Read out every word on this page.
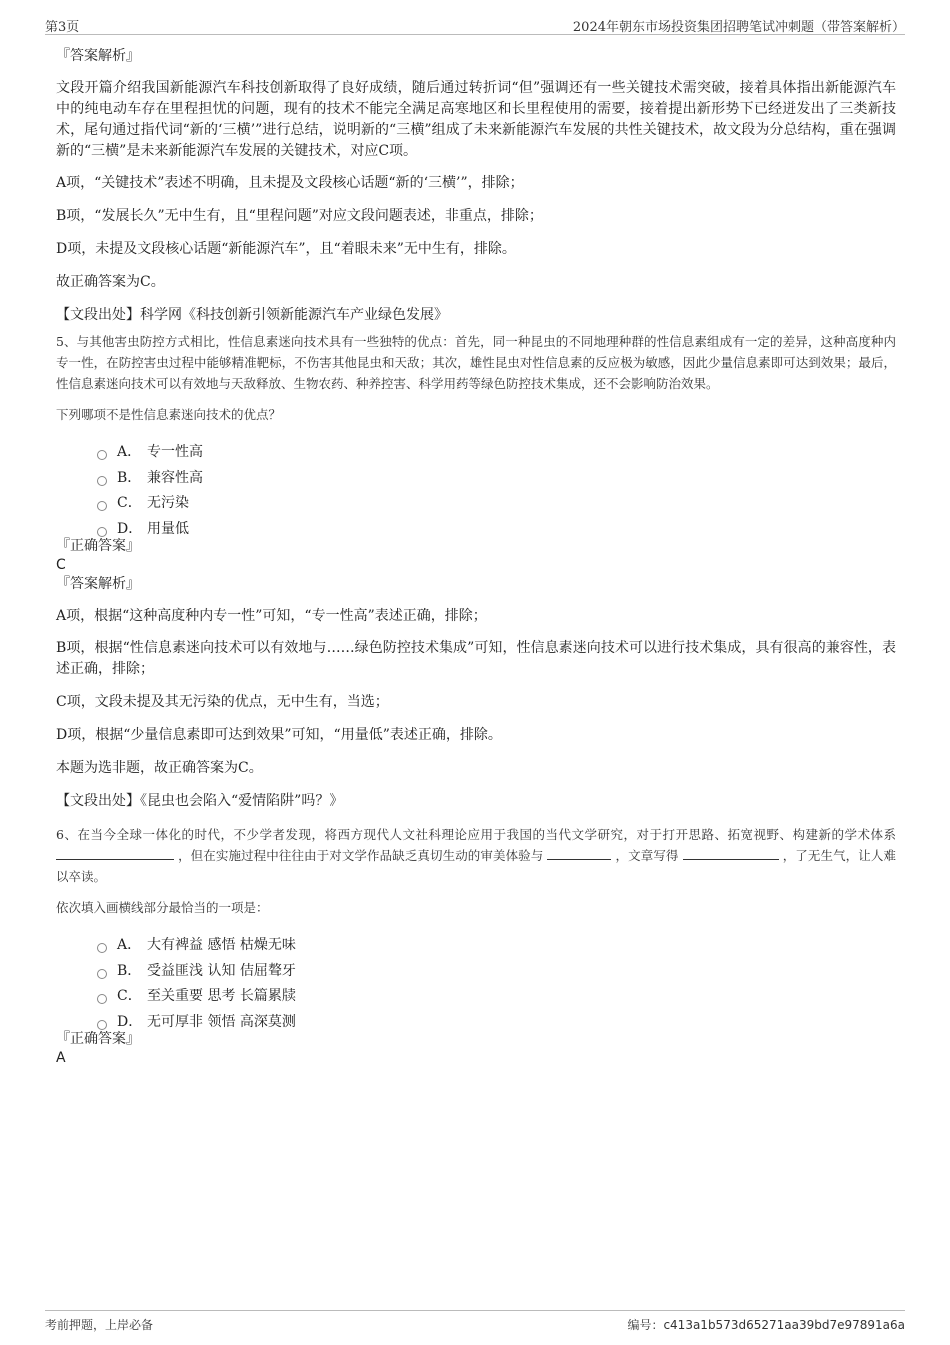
第3页	2024年朝东市场投资集团招聘笔试冲刺题（带答案解析）

『答案解析』

文段开篇介绍我国新能源汽车科技创新取得了良好成绩，随后通过转折词“但”强调还有一些关键技术需突破，接着具体指出新能源汽车中的纯电动车存在里程担忧的问题，现有的技术不能完全满足高寒地区和长里程使用的需要，接着提出新形势下已经迸发出了三类新技术，尾句通过指代词“新的‘三横’”进行总结，说明新的“三横”组成了未来新能源汽车发展的共性关键技术，故文段为分总结构，重在强调新的“三横”是未来新能源汽车发展的关键技术，对应C项。

A项，“关键技术”表述不明确，且未提及文段核心话题“新的‘三横’”，排除；

B项，“发展长久”无中生有，且“里程问题”对应文段问题表述，非重点，排除；

D项，未提及文段核心话题“新能源汽车”，且“着眼未来”无中生有，排除。

故正确答案为C。

【文段出处】科学网《科技创新引领新能源汽车产业绿色发展》

5、与其他害虫防控方式相比，性信息素迷向技术具有一些独特的优点：首先，同一种昆虫的不同地理种群的性信息素组成有一定的差异，这种高度种内专一性，在防控害虫过程中能够精准靶标，不伤害其他昆虫和天敌；其次，雄性昆虫对性信息素的反应极为敏感，因此少量信息素即可达到效果；最后，性信息素迷向技术可以有效地与天敌释放、生物农药、种养控害、科学用药等绿色防控技术集成，还不会影响防治效果。

下列哪项不是性信息素迷向技术的优点？

A． 专一性高
B． 兼容性高
C． 无污染
D． 用量低

『正确答案』

C

『答案解析』

A项，根据“这种高度种内专一性”可知，“专一性高”表述正确，排除；

B项，根据“性信息素迷向技术可以有效地与……绿色防控技术集成”可知，性信息素迷向技术可以进行技术集成，具有很高的兼容性，表述正确，排除；

C项，文段未提及其无污染的优点，无中生有，当选；

D项，根据“少量信息素即可达到效果”可知，“用量低”表述正确，排除。

本题为选非题，故正确答案为C。

【文段出处】《昆虫也会陷入“爱情陷阱”吗？》

6、在当今全球一体化的时代，不少学者发现，将西方现代人文社科理论应用于我国的当代文学研究，对于打开思路、拓宽视野、构建新的学术体系  ，但在实施过程中往往由于对文学作品缺乏真切生动的审美体验与	，文章写得	，了无生气，让人难以卒读。

依次填入画横线部分最恰当的一项是：

A． 大有裨益 感悟 枯燥无味
B． 受益匪浅 认知 佶屈聱牙
C． 至关重要 思考 长篇累牍
D． 无可厚非 领悟 高深莫测

『正确答案』

A

考前押题，上岸必备	编号：c413a1b573d65271aa39bd7e97891a6a
